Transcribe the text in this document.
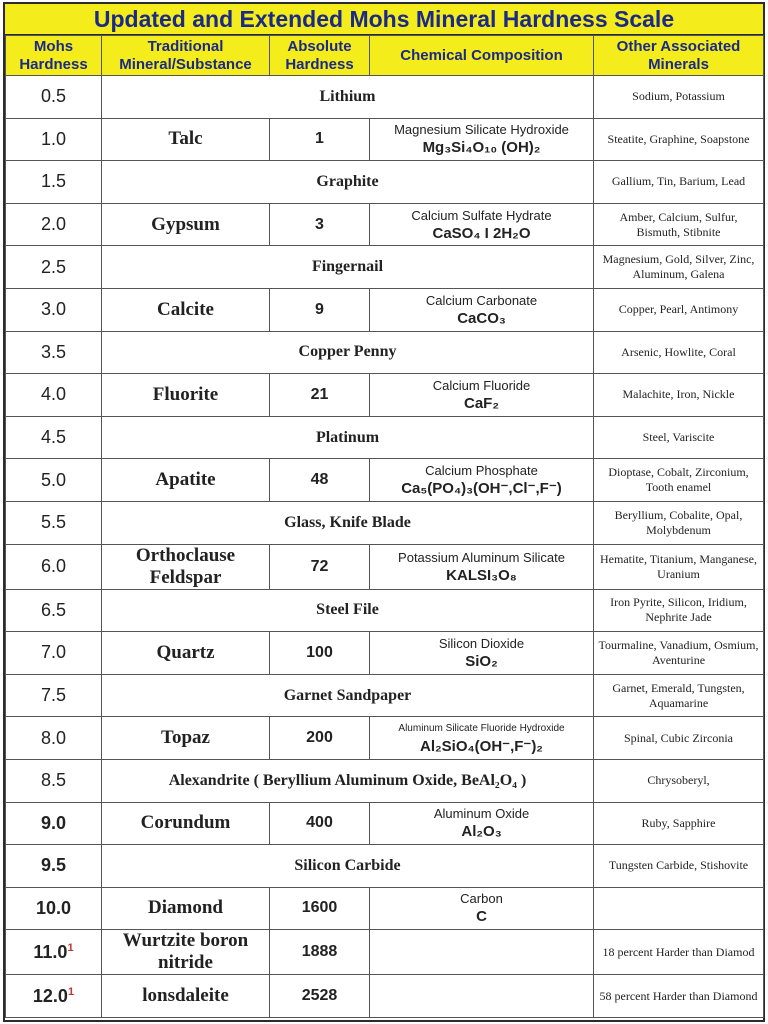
Updated and Extended Mohs Mineral Hardness Scale
Mohs Hardness	Traditional Mineral/Substance	Absolute Hardness	Chemical Composition	Other Associated Minerals
0.5	Lithium			Sodium, Potassium
1.0	Talc	1	Magnesium Silicate Hydroxide
Mg₃Si₄O₁₀ (OH)₂	Steatite, Graphine, Soapstone
1.5	Graphite			Gallium, Tin, Barium, Lead
2.0	Gypsum	3	Calcium Sulfate Hydrate
CaSO₄ I 2H₂O	Amber, Calcium, Sulfur, Bismuth, Stibnite
2.5	Fingernail			Magnesium, Gold, Silver, Zinc, Aluminum, Galena
3.0	Calcite	9	Calcium Carbonate
CaCO₃	Copper, Pearl, Antimony
3.5	Copper Penny			Arsenic, Howlite, Coral
4.0	Fluorite	21	Calcium Fluoride
CaF₂	Malachite, Iron, Nickle
4.5	Platinum			Steel, Variscite
5.0	Apatite	48	Calcium Phosphate
Ca₅(PO₄)₃(OH⁻,Cl⁻,F⁻)	Dioptase, Cobalt, Zirconium, Tooth enamel
5.5	Glass, Knife Blade			Beryllium, Cobalite, Opal, Molybdenum
6.0	Orthoclause Feldspar	72	Potassium Aluminum Silicate
KALSI₃O₈	Hematite, Titanium, Manganese, Uranium
6.5	Steel File			Iron Pyrite, Silicon, Iridium, Nephrite Jade
7.0	Quartz	100	Silicon Dioxide
SiO₂	Tourmaline, Vanadium, Osmium, Aventurine
7.5	Garnet Sandpaper			Garnet, Emerald, Tungsten, Aquamarine
8.0	Topaz	200	Aluminum Silicate Fluoride Hydroxide
Al₂SiO₄(OH⁻,F⁻)₂	Spinal, Cubic Zirconia
8.5	Alexandrite ( Beryllium Aluminum Oxide, BeAl₂O₄ )			Chrysoberyl,
9.0	Corundum	400	Aluminum Oxide
Al₂O₃	Ruby, Sapphire
9.5	Silicon Carbide			Tungsten Carbide, Stishovite
10.0	Diamond	1600	Carbon
C	

11.0$^1$	Wurtzite boron nitride	1888		18 percent Harder than Diamod
12.0$^1$	lonsdaleite	2528		58 percent Harder than Diamond
